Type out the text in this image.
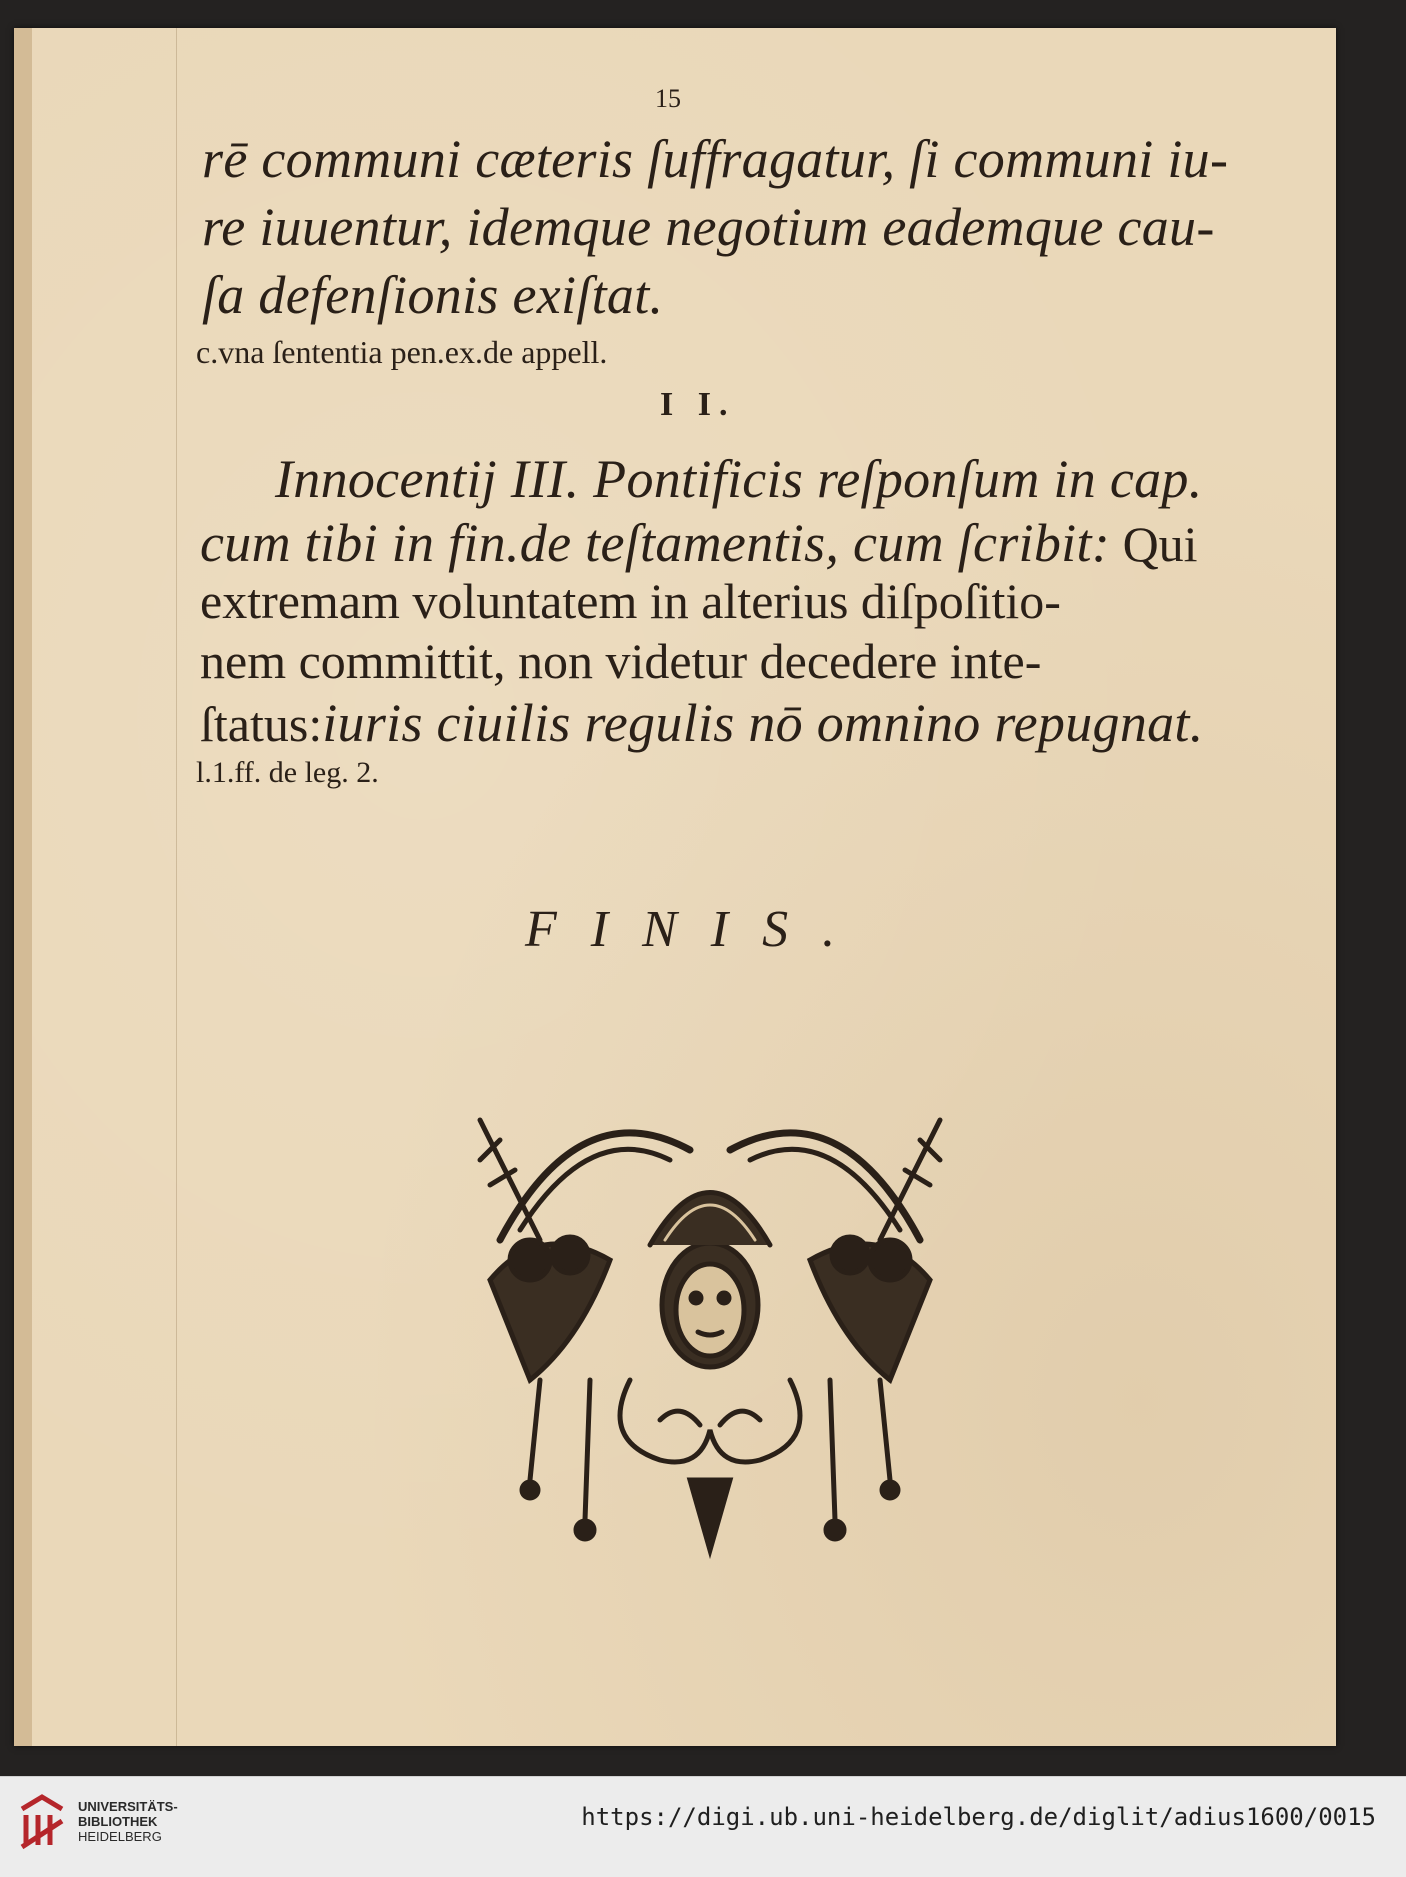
15
rē communi cæteris ſuffragatur, ſi communi iu-
re iuuentur, idemque negotium eademque cau-
ſa defenſionis exiſtat.
c.vna ſententia pen.ex.de appell.
I I.
Innocentij III. Pontificis reſponſum in cap.
cum tibi in fin.de teſtamentis, cum ſcribit: Qui
extremam voluntatem in alterius diſpoſitio-
nem committit, non videtur decedere inte-
ſtatus:iuris ciuilis regulis nō omnino repugnat.
l.1.ff. de leg. 2.
FINIS.
UNIVERSITÄTS-
BIBLIOTHEK
HEIDELBERG
https://digi.ub.uni-heidelberg.de/diglit/adius1600/0015
